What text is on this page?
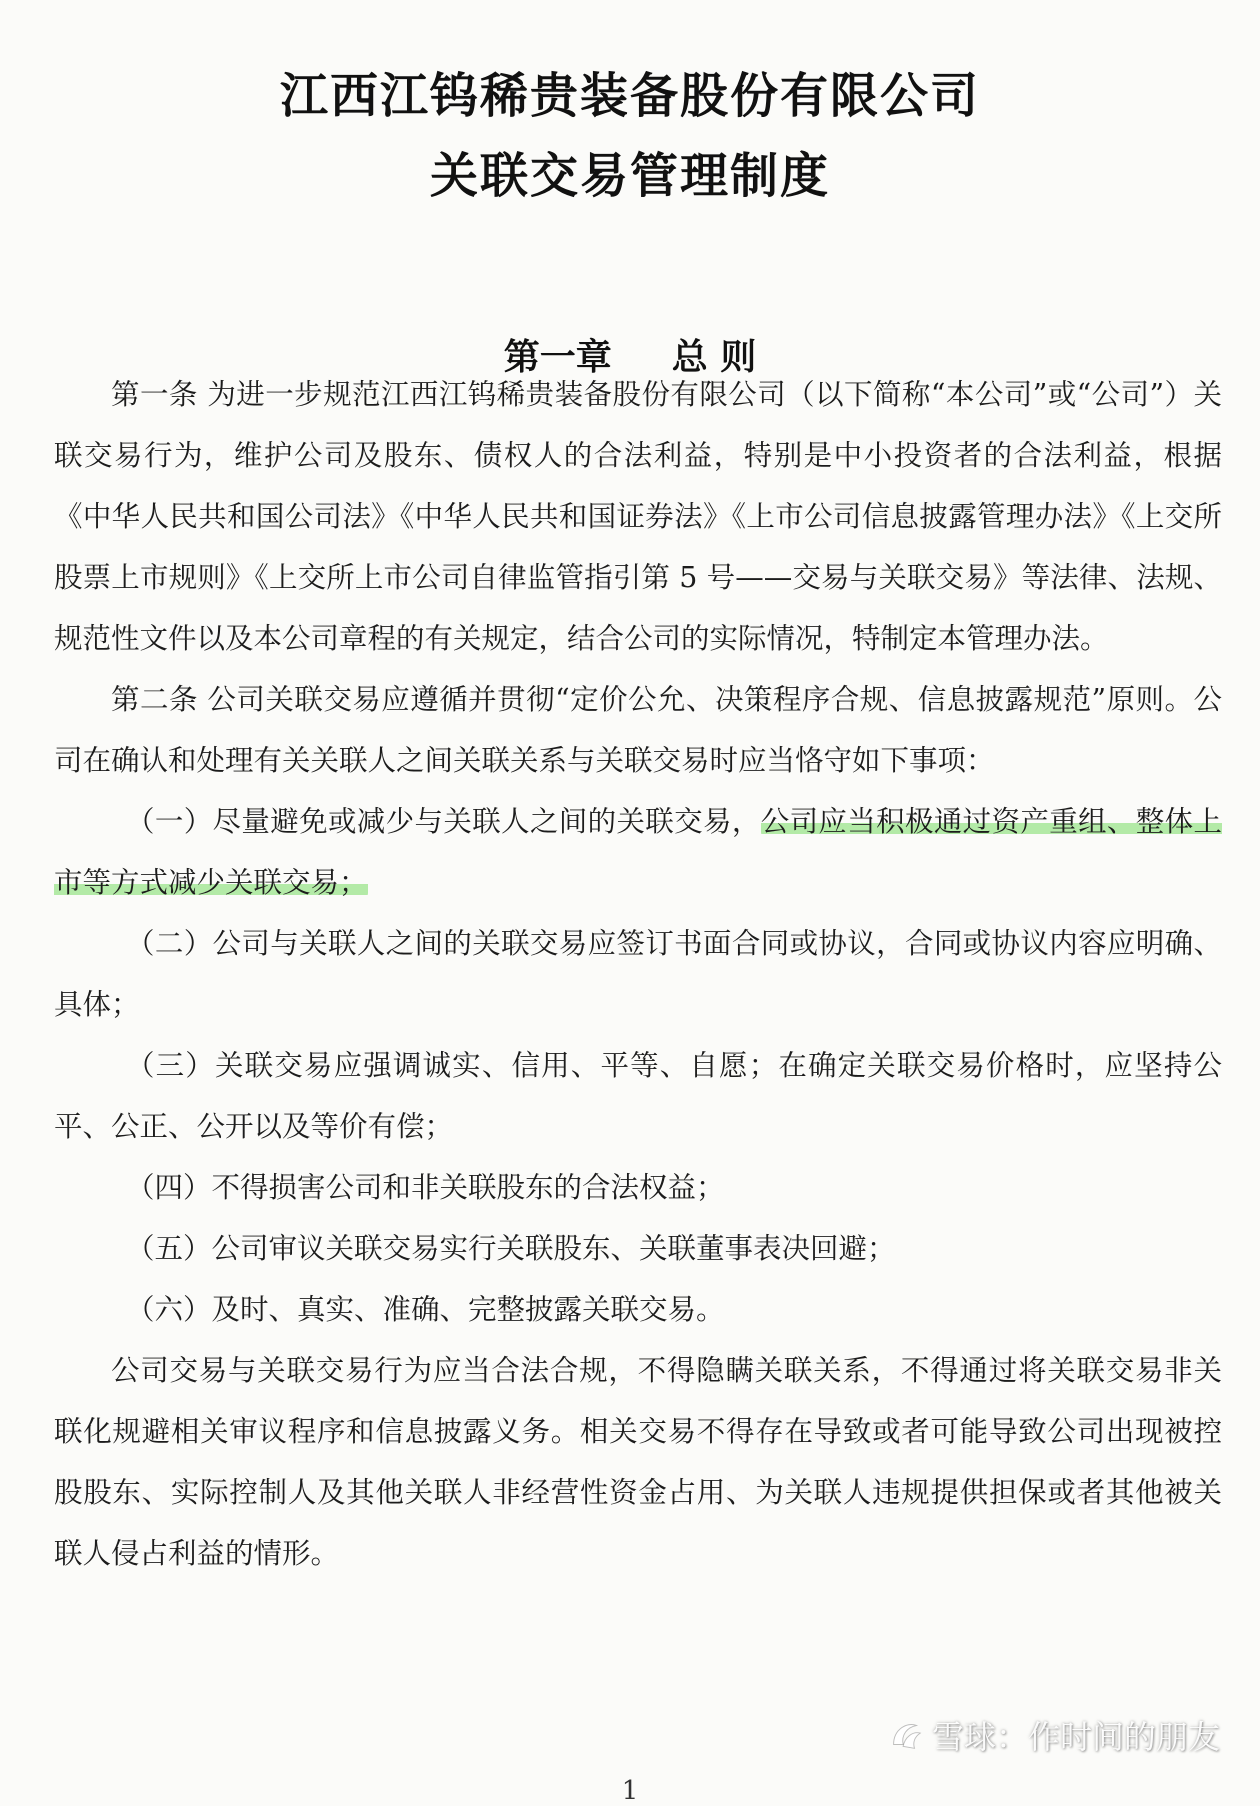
江西江钨稀贵装备股份有限公司
关联交易管理制度
第一章 总 则

第一条 为进一步规范江西江钨稀贵装备股份有限公司（以下简称“本公司”或“公司”）关联交易行为，维护公司及股东、债权人的合法利益，特别是中小投资者的合法利益，根据《中华人民共和国公司法》《中华人民共和国证券法》《上市公司信息披露管理办法》《上交所股票上市规则》《上交所上市公司自律监管指引第 5 号——交易与关联交易》等法律、法规、规范性文件以及本公司章程的有关规定，结合公司的实际情况，特制定本管理办法。

第二条 公司关联交易应遵循并贯彻“定价公允、决策程序合规、信息披露规范”原则。公司在确认和处理有关关联人之间关联关系与关联交易时应当恪守如下事项：

（一）尽量避免或减少与关联人之间的关联交易，公司应当积极通过资产重组、整体上市等方式减少关联交易；

（二）公司与关联人之间的关联交易应签订书面合同或协议，合同或协议内容应明确、具体；

（三）关联交易应强调诚实、信用、平等、自愿；在确定关联交易价格时，应坚持公平、公正、公开以及等价有偿；

（四）不得损害公司和非关联股东的合法权益；

（五）公司审议关联交易实行关联股东、关联董事表决回避；

（六）及时、真实、准确、完整披露关联交易。

公司交易与关联交易行为应当合法合规，不得隐瞒关联关系，不得通过将关联交易非关联化规避相关审议程序和信息披露义务。相关交易不得存在导致或者可能导致公司出现被控股股东、实际控制人及其他关联人非经营性资金占用、为关联人违规提供担保或者其他被关联人侵占利益的情形。

雪球：作时间的朋友
1
